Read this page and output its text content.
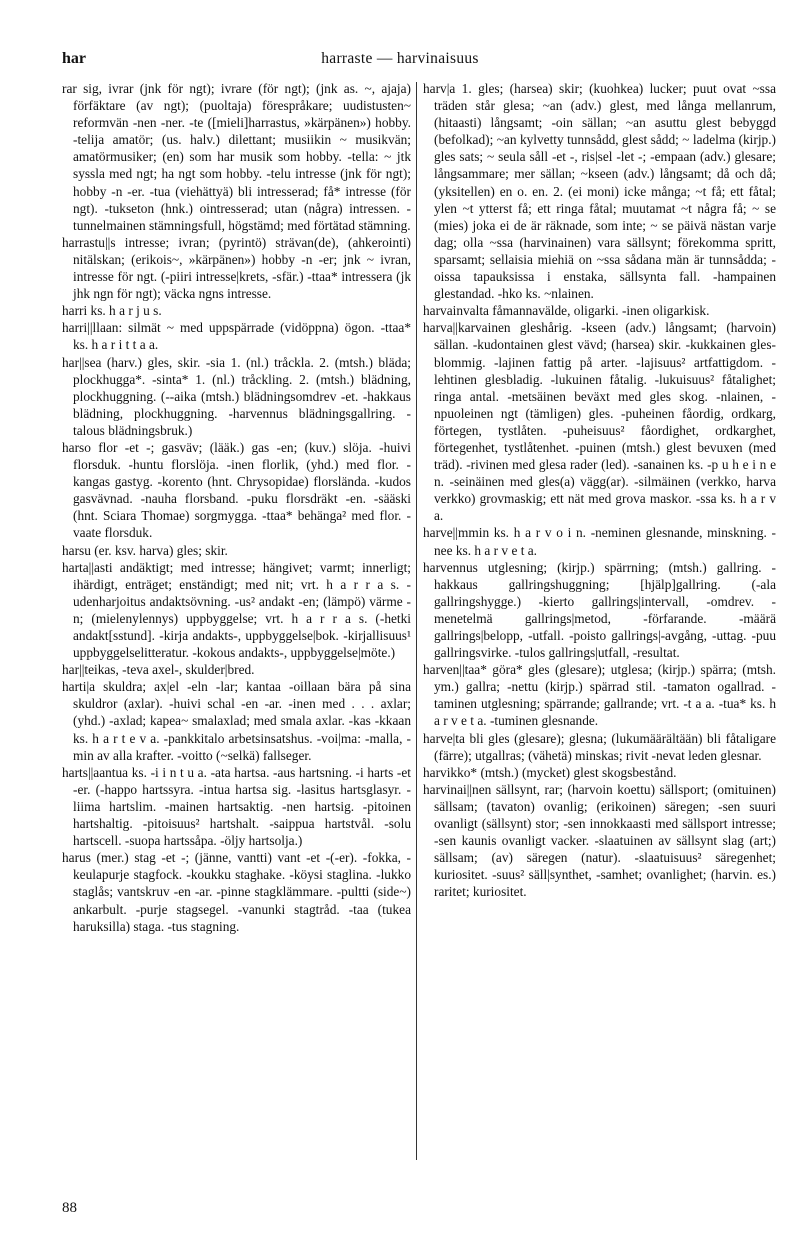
har	harraste — harvinaisuus

rar sig, ivrar (jnk för ngt); ivrare (för ngt); (jnk as. ~, ajaja) förfäktare (av ngt); (puoltaja) förespråkare; uudistusten~ reformvän -nen -ner. -te ([mieli]harrastus, »kärpänen») hobby. -telija amatör; (us. halv.) dilettant; musiikin ~ musikvän; amatörmusiker; (en) som har musik som hobby. -tella: ~ jtk syssla med ngt; ha ngt som hobby. -telu intresse (jnk för ngt); hobby -n -er. -tua (viehättyä) bli intresserad; få* intresse (för ngt). -tukseton (hnk.) ointresserad; utan (några) intressen. -tunnelmainen stämningsfull, högstämd; med förtätad stämning.

harrastu||s intresse; ivran; (pyrintö) strävan(de), (ahkerointi) nitälskan; (erikois~, »kärpänen») hobby -n -er; jnk ~ ivran, intresse för ngt. (-piiri intresse|krets, -sfär.) -ttaa* intressera (jk jhk ngn för ngt); väcka ngns intresse.

harri ks. h a r j u s.

harri||llaan: silmät ~ med uppspärrade (vidöppna) ögon. -ttaa* ks. h a r i t t a a.

har||sea (harv.) gles, skir. -sia 1. (nl.) tråckla. 2. (mtsh.) bläda; plockhugga*. -sinta* 1. (nl.) tråckling. 2. (mtsh.) blädning, plockhuggning. (--aika (mtsh.) blädningsomdrev -et. -hakkaus blädning, plockhuggning. -harvennus blädningsgallring. -talous blädningsbruk.)

harso flor -et -; gasväv; (lääk.) gas -en; (kuv.) slöja. -huivi florsduk. -huntu florslöja. -inen florlik, (yhd.) med flor. -kangas gastyg. -korento (hnt. Chrysopidae) florslända. -kudos gasvävnad. -nauha florsband. -puku florsdräkt -en. -sääski (hnt. Sciara Thomae) sorgmygga. -ttaa* behänga² med flor. -vaate florsduk.

harsu (er. ksv. harva) gles; skir.

harta||asti andäktigt; med intresse; hängivet; varmt; innerligt; ihärdigt, enträget; enständigt; med nit; vrt. h a r r a s. -udenharjoitus andaktsövning. -us² andakt -en; (lämpö) värme -n; (mielenylennys) uppbyggelse; vrt. h a r r a s. (-hetki andakt[sstund]. -kirja andakts-, uppbyggelse|bok. -kirjallisuus¹ uppbyggelselitteratur. -kokous andakts-, uppbyggelse|möte.)

har||teikas, -teva axel-, skulder|bred.

harti|a skuldra; ax|el -eln -lar; kantaa -oillaan bära på sina skuldror (axlar). -huivi schal -en -ar. -inen med . . . axlar; (yhd.) -axlad; kapea~ smalaxlad; med smala axlar. -kas -kkaan ks. h a r t e v a. -pankkitalo arbetsinsatshus. -voi|ma: -malla, -min av alla krafter. -voitto (~selkä) fallseger.

harts||aantua ks. -i i n t u a. -ata hartsa. -aus hartsning. -i harts -et -er. (-happo hartssyra. -intua hartsa sig. -lasitus hartsglasyr. -liima hartslim. -mainen hartsaktig. -nen hartsig. -pitoinen hartshaltig. -pitoisuus² hartshalt. -saippua hartstvål. -solu hartscell. -suopa hartssåpa. -öljy hartsolja.)

harus (mer.) stag -et -; (jänne, vantti) vant -et -(-er). -fokka, -keulapurje stagfock. -koukku staghake. -köysi staglina. -lukko staglås; vantskruv -en -ar. -pinne stagklämmare. -pultti (side~) ankarbult. -purje stagsegel. -vanunki stagtråd. -taa (tukea haruksilla) staga. -tus stagning.

harv|a 1. gles; (harsea) skir; (kuohkea) lucker; puut ovat ~ssa träden står glesa; ~an (adv.) glest, med långa mellanrum, (hitaasti) långsamt; -oin sällan; ~an asuttu glest bebyggd (befolkad); ~an kylvetty tunnsådd, glest sådd; ~ ladelma (kirjp.) gles sats; ~ seula såll -et -, ris|sel -let -; -empaan (adv.) glesare; långsammare; mer sällan; ~kseen (adv.) långsamt; då och då; (yksitellen) en o. en. 2. (ei moni) icke många; ~t få; ett fåtal; ylen ~t ytterst få; ett ringa fåtal; muutamat ~t några få; ~ se (mies) joka ei de är räknade, som inte; ~ se päivä nästan varje dag; olla ~ssa (harvinainen) vara sällsynt; förekomma spritt, sparsamt; sellaisia miehiä on ~ssa sådana män är tunnsådda; -oissa tapauksissa i enstaka, sällsynta fall. -hampainen glestandad. -hko ks. ~nlainen.

harvainvalta fåmannavälde, oligarki. -inen oligarkisk.

harva||karvainen gleshårig. -kseen (adv.) långsamt; (harvoin) sällan. -kudontainen glest vävd; (harsea) skir. -kukkainen gles-blommig. -lajinen fattig på arter. -lajisuus² artfattigdom. -lehtinen glesbladig. -lukuinen fåtalig. -lukuisuus² fåtalighet; ringa antal. -metsäinen beväxt med gles skog. -nlainen, -npuoleinen ngt (tämligen) gles. -puheinen fåordig, ordkarg, förtegen, tystlåten. -puheisuus² fåordighet, ordkarghet, förtegenhet, tystlåtenhet. -puinen (mtsh.) glest bevuxen (med träd). -rivinen med glesa rader (led). -sanainen ks. -p u h e i n e n. -seinäinen med gles(a) vägg(ar). -silmäinen (verkko, harva verkko) grovmaskig; ett nät med grova maskor. -ssa ks. h a r v a.

harve||mmin ks. h a r v o i n. -neminen glesnande, minskning. -nee ks. h a r v e t a.

harvennus utglesning; (kirjp.) spärrning; (mtsh.) gallring. -hakkaus gallringshuggning; [hjälp]gallring. (-ala gallringshygge.) -kierto gallrings|intervall, -omdrev. -menetelmä gallrings|metod, -förfarande. -määrä gallrings|belopp, -utfall. -poisto gallrings|-avgång, -uttag. -puu gallringsvirke. -tulos gallrings|utfall, -resultat.

harven||taa* göra* gles (glesare); utglesa; (kirjp.) spärra; (mtsh. ym.) gallra; -nettu (kirjp.) spärrad stil. -tamaton ogallrad. -taminen utglesning; spärrande; gallrande; vrt. -t a a. -tua* ks. h a r v e t a. -tuminen glesnande.

harve|ta bli gles (glesare); glesna; (lukumäärältään) bli fåtaligare (färre); utgallras; (vähetä) minskas; rivit -nevat leden glesnar.

harvikko* (mtsh.) (mycket) glest skogsbestånd.

harvinai||nen sällsynt, rar; (harvoin koettu) sällsport; (omituinen) sällsam; (tavaton) ovanlig; (erikoinen) säregen; -sen suuri ovanligt (sällsynt) stor; -sen innokkaasti med sällsport intresse; -sen kaunis ovanligt vacker. -slaatuinen av sällsynt slag (art;) sällsam; (av) säregen (natur). -slaatuisuus² säregenhet; kuriositet. -suus² säll|synthet, -samhet; ovanlighet; (harvin. es.) raritet; kuriositet.

88
